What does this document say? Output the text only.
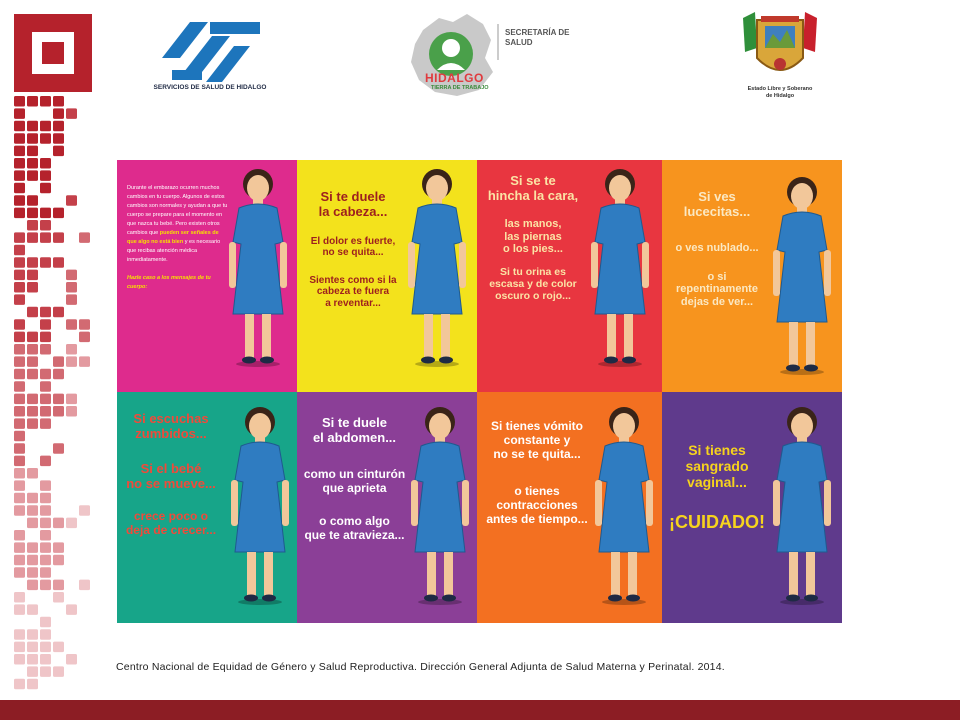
SERVICIOS DE SALUD DE HIDALGO
HIDALGO
TIERRA DE TRABAJO
SECRETARÍA DE
SALUD
Estado Libre y Soberano
de Hidalgo
Durante el embarazo ocurren muchos cambios en tu cuerpo. Algunos de estos cambios son normales y ayudan a que tu cuerpo se prepare para el momento en que nazca tu bebé. Pero existen otros cambios que pueden ser señales de que algo no está bien y es necesario que recibas atención médica inmediatamente.

Hazle caso a los mensajes de tu cuerpo:
Si te duele
la cabeza...
El dolor es fuerte,
no se quita...
Sientes como si la
cabeza te fuera
a reventar...
Si se te
hincha la cara,
las manos,
las piernas
o los pies...
Si tu orina es
escasa y de color
oscuro o rojo...
Si ves
lucecitas...
o ves nublado...
o si
repentinamente
dejas de ver...
Si escuchas
zumbidos...
Si el bebé
no se mueve...
crece poco o
deja de crecer...
Si te duele
el abdomen...
como un cinturón
que aprieta
o como algo
que te atravieza...
Si tienes vómito
constante y
no se te quita...
o tienes
contracciones
antes de tiempo...
Si tienes
sangrado
vaginal...
¡CUIDADO!
Centro Nacional de Equidad de Género y Salud Reproductiva. Dirección General Adjunta de Salud Materna y Perinatal. 2014.
